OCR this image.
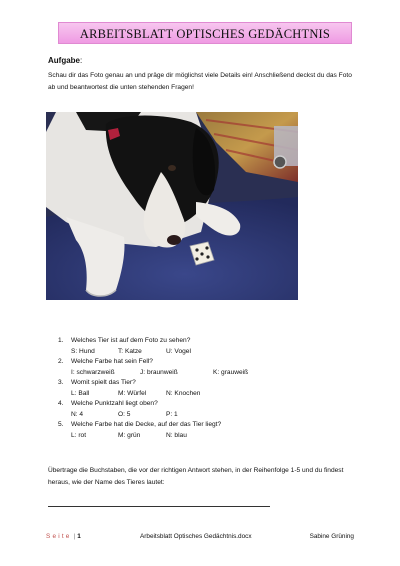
ARBEITSBLATT OPTISCHES GEDÄCHTNIS
Aufgabe:
Schau dir das Foto genau an und präge dir möglichst viele Details ein! Anschließend deckst du das Foto ab und beantwortest die unten stehenden Fragen!
1. Welches Tier ist auf dem Foto zu sehen?
S: Hund	T: Katze	U: Vogel
2. Welche Farbe hat sein Fell?
I: schwarzweiß	J: braunweiß	K: grauweiß
3. Womit spielt das Tier?
L: Ball	M: Würfel	N: Knochen
4. Welche Punktzahl liegt oben?
N: 4	O: 5	P: 1
5. Welche Farbe hat die Decke, auf der das Tier liegt?
L: rot	M: grün	N: blau
Übertrage die Buchstaben, die vor der richtigen Antwort stehen, in der Reihenfolge 1-5 und du findest heraus, wie der Name des Tieres lautet:
Seite | 1	Arbeitsblatt Optisches Gedächtnis.docx	Sabine Grüning
